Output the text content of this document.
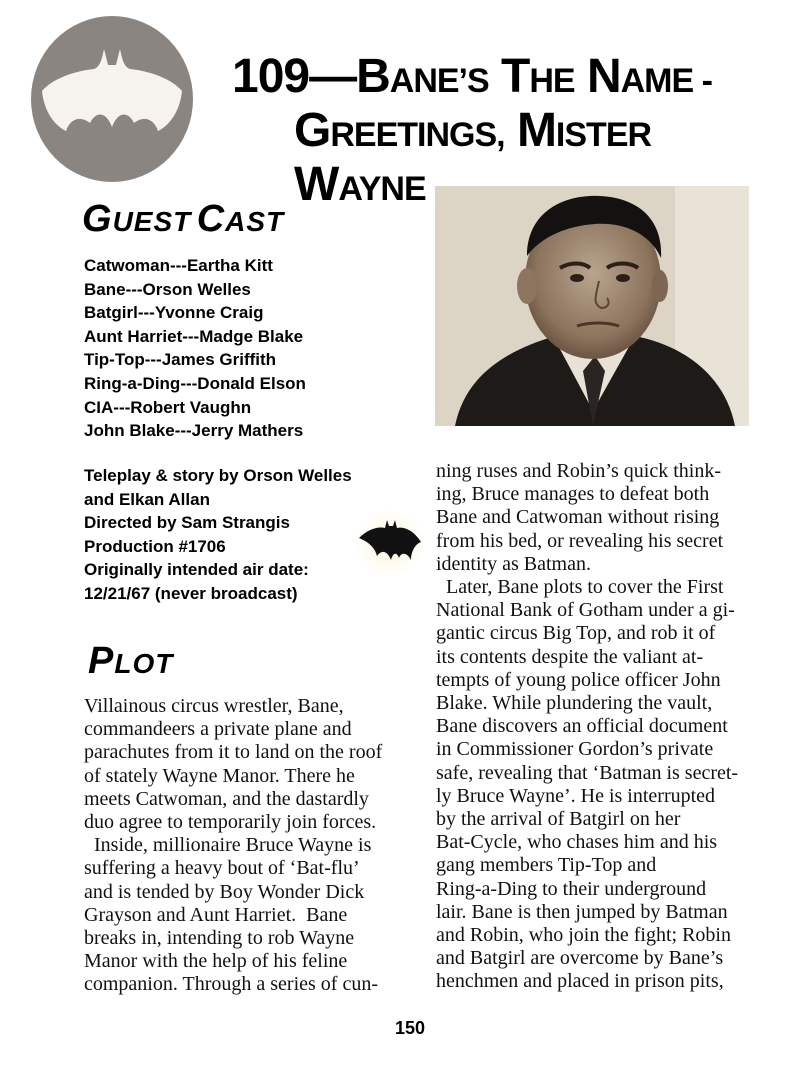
109—BANE’S THE NAME -
GREETINGS, MISTER WAYNE
GUEST CAST
Catwoman---Eartha Kitt
Bane---Orson Welles
Batgirl---Yvonne Craig
Aunt Harriet---Madge Blake
Tip-Top---James Griffith
Ring-a-Ding---Donald Elson
CIA---Robert Vaughn
John Blake---Jerry Mathers
Teleplay & story by Orson Welles
and Elkan Allan
Directed by Sam Strangis
Production #1706
Originally intended air date:
12/21/67 (never broadcast)
PLOT

Villainous circus wrestler, Bane,

commandeers a private plane and

parachutes from it to land on the roof

of stately Wayne Manor. There he

meets Catwoman, and the dastardly

duo agree to temporarily join forces.

Inside, millionaire Bruce Wayne is

suffering a heavy bout of ‘Bat-flu’

and is tended by Boy Wonder Dick

Grayson and Aunt Harriet.  Bane

breaks in, intending to rob Wayne

Manor with the help of his feline

companion. Through a series of cun-

ning ruses and Robin’s quick think-

ing, Bruce manages to defeat both

Bane and Catwoman without rising

from his bed, or revealing his secret

identity as Batman.

Later, Bane plots to cover the First

National Bank of Gotham under a gi-

gantic circus Big Top, and rob it of

its contents despite the valiant at-

tempts of young police officer John

Blake. While plundering the vault,

Bane discovers an official document

in Commissioner Gordon’s private

safe, revealing that ‘Batman is secret-

ly Bruce Wayne’. He is interrupted

by the arrival of Batgirl on her

Bat-Cycle, who chases him and his

gang members Tip-Top and

Ring-a-Ding to their underground

lair. Bane is then jumped by Batman

and Robin, who join the fight; Robin

and Batgirl are overcome by Bane’s

henchmen and placed in prison pits,

150
